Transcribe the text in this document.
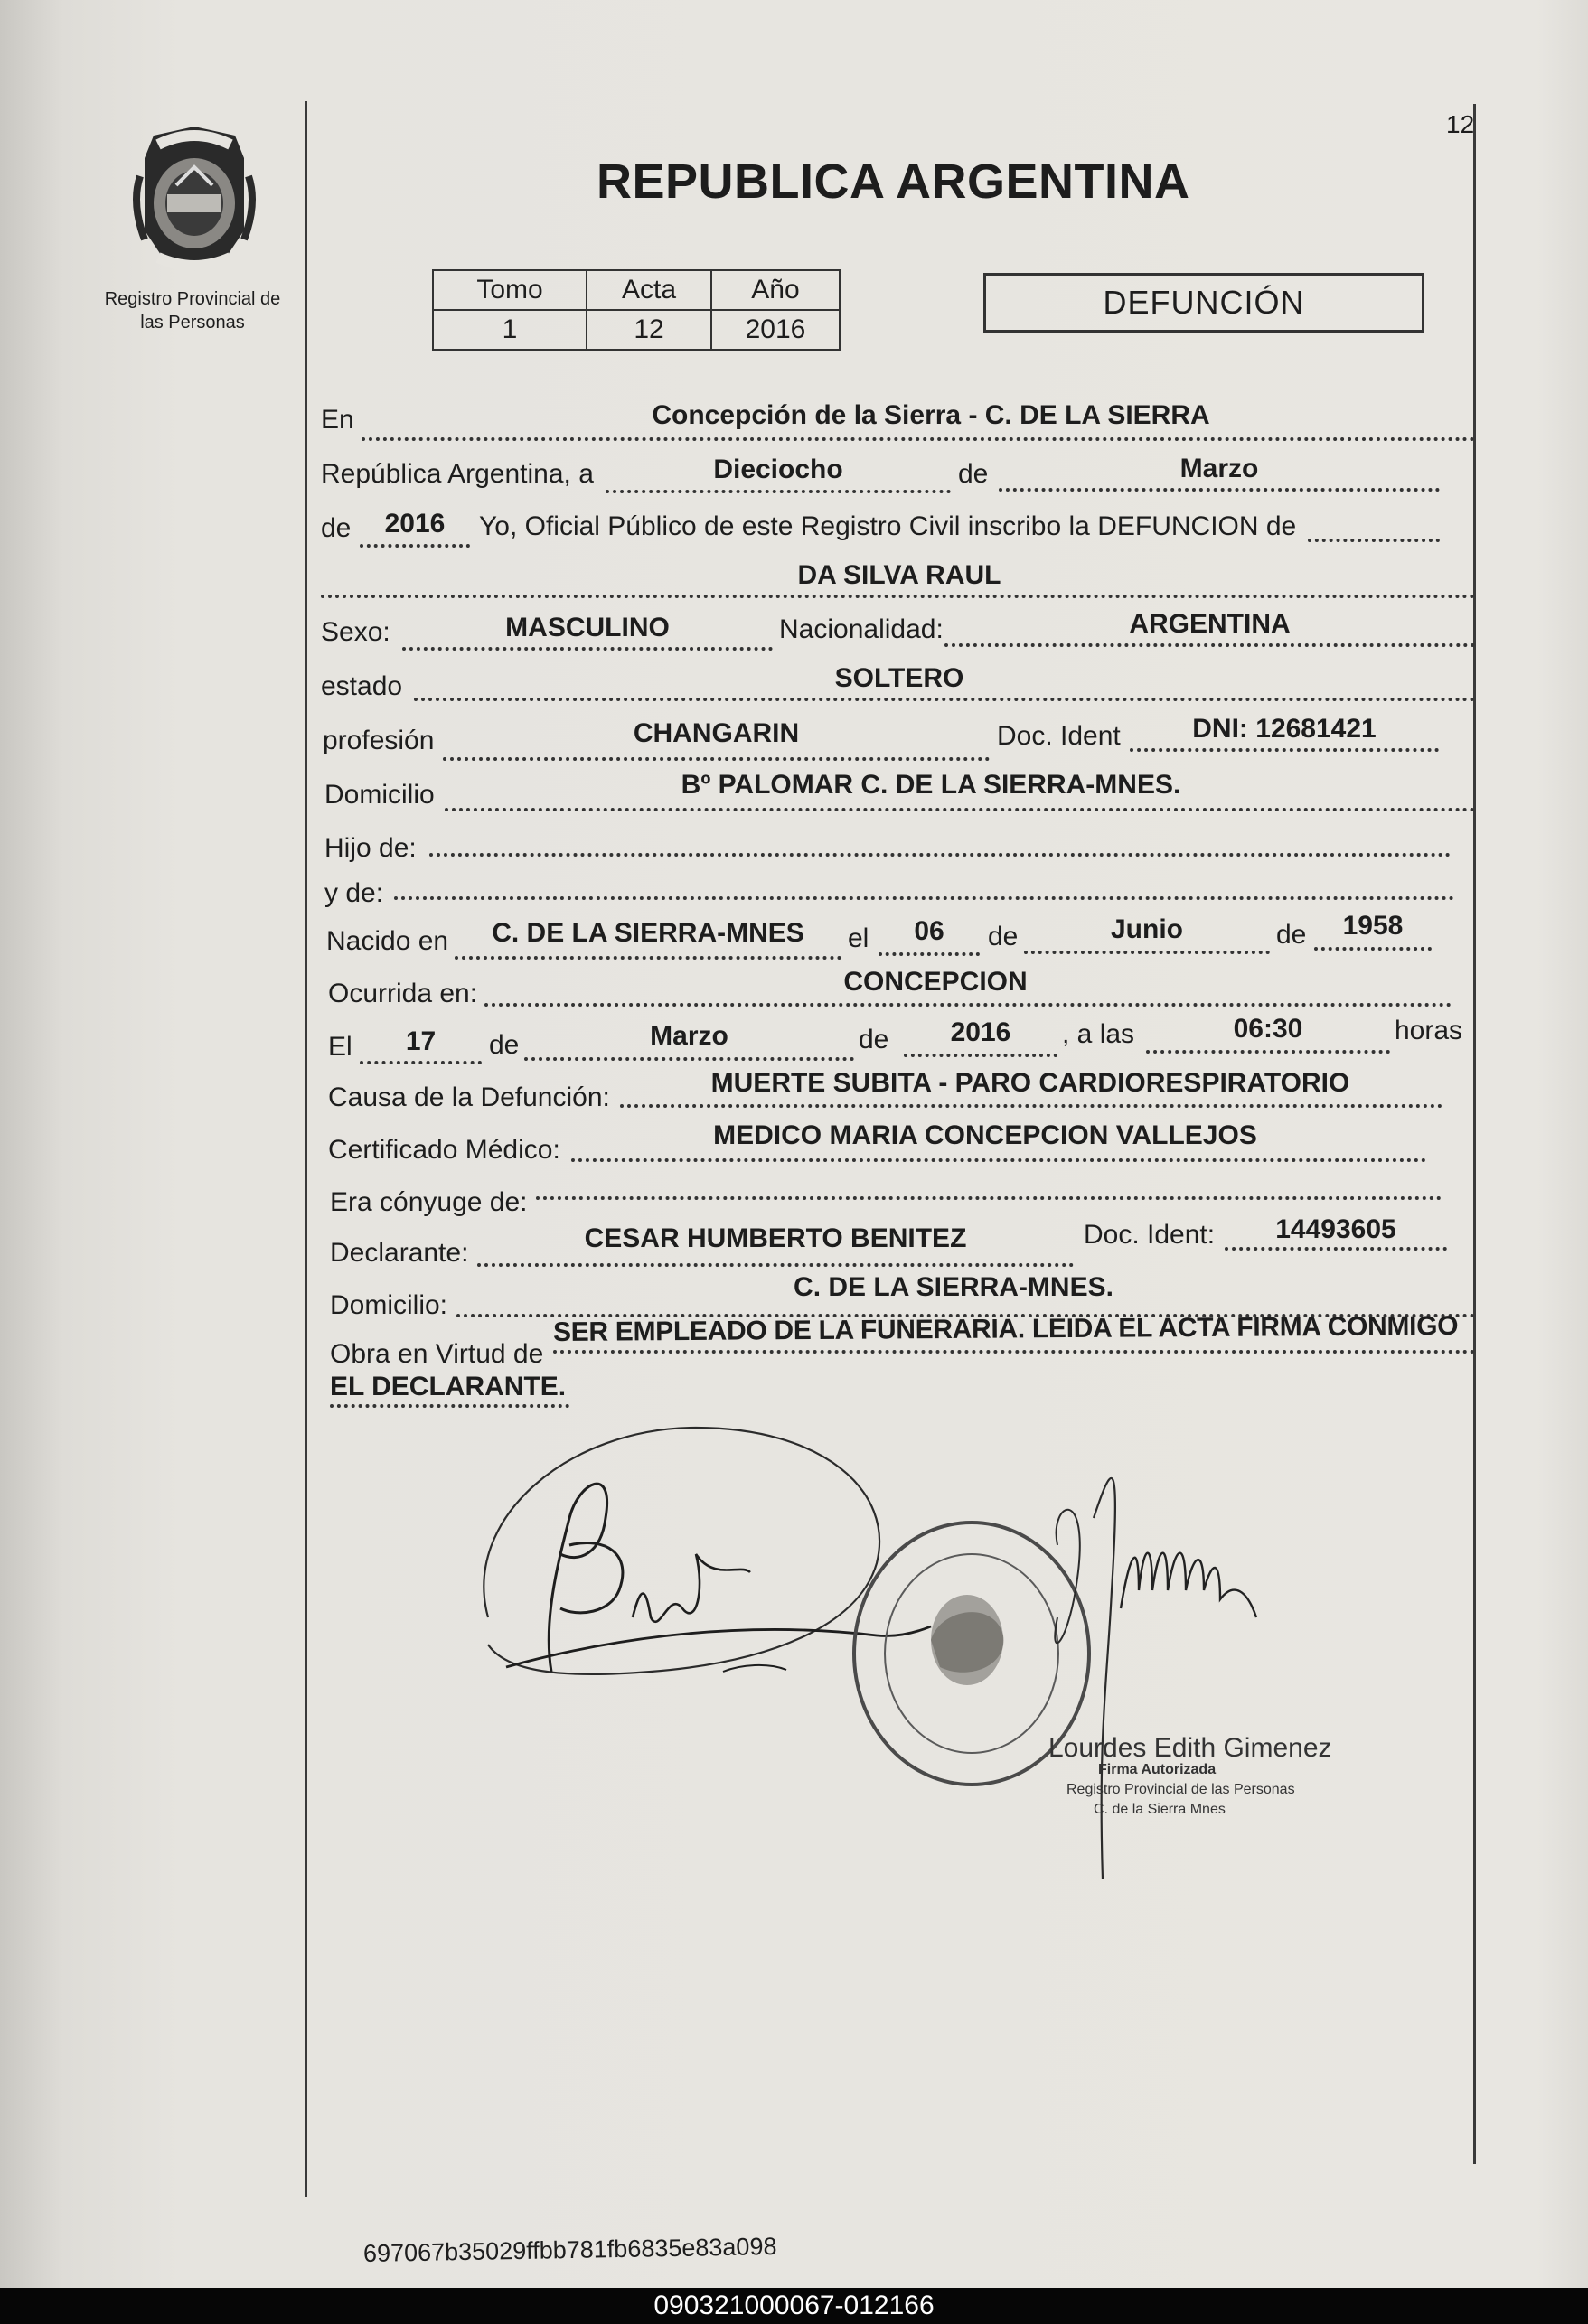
Registro Provincial de
las Personas
12
REPUBLICA ARGENTINA
Tomo	Acta	Año
1	12	2016
DEFUNCIÓN
En	Concepción de la Sierra - C. DE LA SIERRA
República Argentina, a	Dieciocho	de	Marzo
de	2016	Yo, Oficial Público de este Registro Civil inscribo la DEFUNCION de
DA SILVA RAUL
Sexo:	MASCULINO	Nacionalidad:	ARGENTINA
estado	SOLTERO
profesión	CHANGARIN	Doc. Ident	DNI: 12681421
Domicilio	Bº PALOMAR C. DE LA SIERRA-MNES.
Hijo de:
y de:
Nacido en	C. DE LA SIERRA-MNES	el	06	de	Junio	de	1958
Ocurrida en:	CONCEPCION
El	17	de	Marzo	de	2016	, a las	06:30	horas
Causa de la Defunción:	MUERTE SUBITA - PARO CARDIORESPIRATORIO
Certificado Médico:	MEDICO MARIA CONCEPCION VALLEJOS
Era cónyuge de:
Declarante:	CESAR HUMBERTO BENITEZ	Doc. Ident:	14493605
Domicilio:
C. DE LA SIERRA-MNES.
Obra en Virtud de
SER EMPLEADO DE LA FUNERARIA. LEIDA EL ACTA FIRMA CONMIGO
EL DECLARANTE.
Lourdes Edith Gimenez
Firma Autorizada
Registro Provincial de las Personas
C. de la Sierra Mnes
697067b35029ffbb781fb6835e83a098
090321000067-012166
